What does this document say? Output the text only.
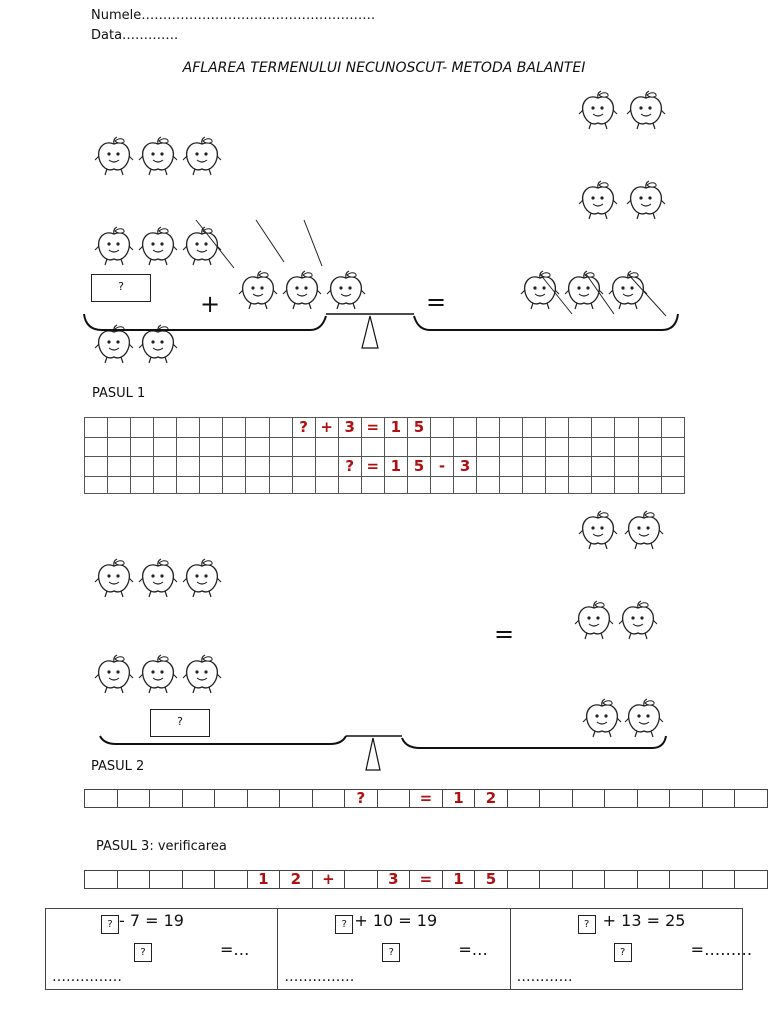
Numele………………………………………………
Data………….
AFLAREA TERMENULUI NECUNOSCUT- METODA BALANTEI
?
+	=
PASUL 1
									?	+	3	=	1	5											

											?	=	1	5	-	3									

?
=
PASUL 2
								?		=	1	2								
PASUL 3: verificarea
					1	2	+		3	=	1	5								
? - 7 = 19
?	=…
……………
? + 10 = 19
?	=…
……………
? + 13 = 25
?	=………
…………
